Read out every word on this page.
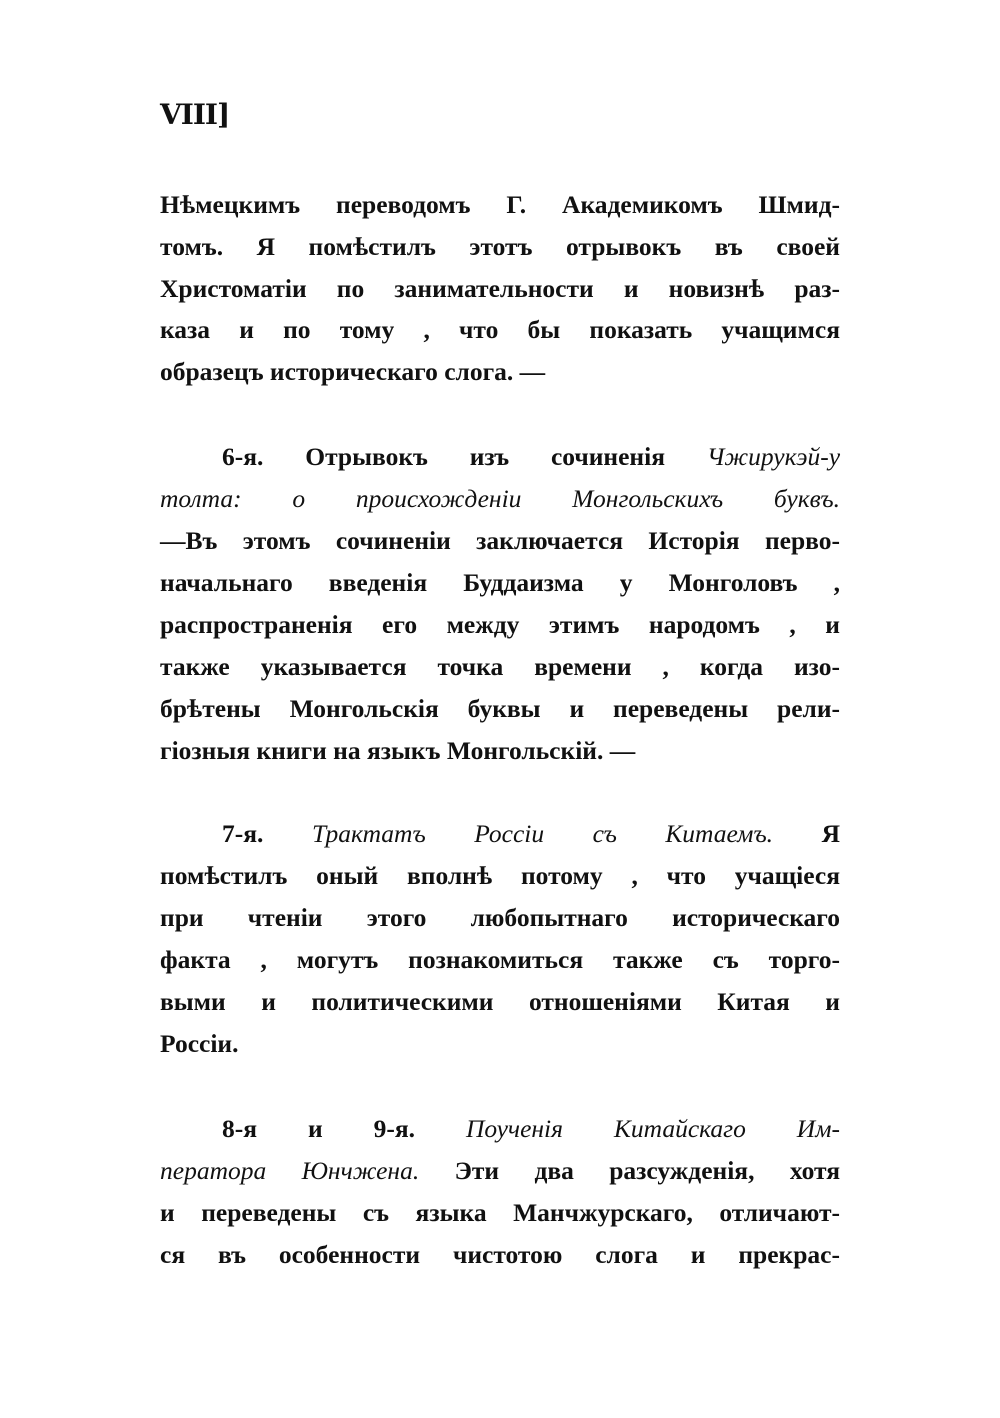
VIII]
Нѣмецкимъ переводомъ Г. Академикомъ Шмид-
томъ. Я помѣстилъ этотъ отрывокъ въ своей
Христоматіи по занимательности и новизнѣ раз-
каза и по тому , что бы показать учащимся
образецъ историческаго слога. —
6-я. Отрывокъ изъ сочиненія Чжирукэй-у
толта: о происхожденіи Монгольскихъ буквъ.
—Въ этомъ сочиненіи заключается Исторія перво-
начальнаго введенія Буддаизма у Монголовъ ,
распространенія его между этимъ народомъ , и
также указывается точка времени , когда изо-
брѣтены Монгольскія буквы и переведены рели-
гіозныя книги на языкъ Монгольскій. —
7-я. Трактатъ Россіи съ Китаемъ. Я
помѣстилъ оный вполнѣ потому , что учащіеся
при чтеніи этого любопытнаго историческаго
факта , могутъ познакомиться также съ торго-
выми и политическими отношеніями Китая и
Россіи.
8-я и 9-я. Поученія Китайскаго Им-
ператора Юнчжена. Эти два разсужденія, хотя
и переведены съ языка Манчжурскаго, отличают-
ся въ особенности чистотою слога и прекрас-
